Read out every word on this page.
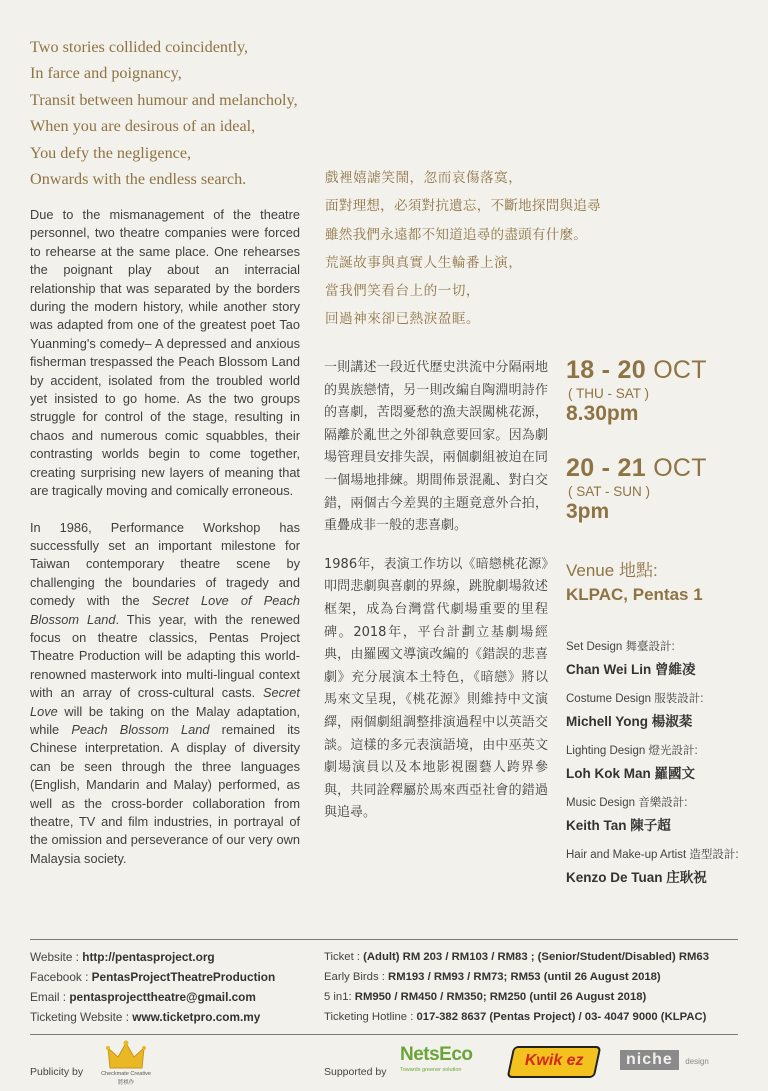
Two stories collided coincidently,
In farce and poignancy,
Transit between humour and melancholy,
When you are desirous of an ideal,
You defy the negligence,
Onwards with the endless search.	戲裡嬉謔笑鬧，忽而哀傷落寞，
面對理想，必須對抗遺忘，不斷地探問與追尋
雖然我們永遠都不知道追尋的盡頭有什麼。
荒誕故事與真實人生輪番上演，
當我們笑看台上的一切，
回過神來卻已熱淚盈眶。

Due to the mismanagement of the theatre personnel, two theatre companies were forced to rehearse at the same place. One rehearses the poignant play about an interracial relationship that was separated by the borders during the modern history, while another story was adapted from one of the greatest poet Tao Yuanming's comedy– A depressed and anxious fisherman trespassed the Peach Blossom Land by accident, isolated from the troubled world yet insisted to go home. As the two groups struggle for control of the stage, resulting in chaos and numerous comic squabbles, their contrasting worlds begin to come together, creating surprising new layers of meaning that are tragically moving and comically erroneous.

In 1986, Performance Workshop has successfully set an important milestone for Taiwan contemporary theatre scene by challenging the boundaries of tragedy and comedy with the Secret Love of Peach Blossom Land. This year, with the renewed focus on theatre classics, Pentas Project Theatre Production will be adapting this world-renowned masterwork into multi-lingual context with an array of cross-cultural casts. Secret Love will be taking on the Malay adaptation, while Peach Blossom Land remained its Chinese interpretation. A display of diversity can be seen through the three languages (English, Mandarin and Malay) performed, as well as the cross-border collaboration from theatre, TV and film industries, in portrayal of the omission and perseverance of our very own Malaysia society.

一則講述一段近代歷史洪流中分隔兩地的異族戀情，另一則改編自陶淵明詩作的喜劇，苦悶憂愁的漁夫誤闖桃花源，隔離於亂世之外卻執意要回家。因為劇場管理員安排失誤，兩個劇組被迫在同一個場地排練。期間佈景混亂、對白交錯，兩個古今差異的主題竟意外合拍，重疊成非一般的悲喜劇。

1986年，表演工作坊以《暗戀桃花源》叩問悲劇與喜劇的界線，跳脫劇場敘述框架，成為台灣當代劇場重要的里程碑。2018年，平台計劃立基劇場經典，由羅國文導演改編的《錯誤的悲喜劇》充分展演本土特色，《暗戀》將以馬來文呈現，《桃花源》則維持中文演繹，兩個劇組調整排演過程中以英語交談。這樣的多元表演語境，由中巫英文劇場演員以及本地影視圈藝人跨界參與，共同詮釋屬於馬來西亞社會的錯過與追尋。

18 - 20 OCT
( THU - SAT )
8.30pm
20 - 21 OCT
( SAT - SUN )
3pm
Venue 地點:
KLPAC, Pentas 1
Set Design 舞臺設計:
Chan Wei Lin 曾維凌
Costume Design 服裝設計:
Michell Yong 楊淑棻
Lighting Design 燈光設計:
Loh Kok Man 羅國文
Music Design 音樂設計:
Keith Tan 陳子超
Hair and Make-up Artist 造型設計:
Kenzo De Tuan 庄耿祝
Website : http://pentasproject.org
Facebook : PentasProjectTheatreProduction
Email : pentasprojecttheatre@gmail.com
Ticketing Website : www.ticketpro.com.my
Ticket : (Adult) RM 203 / RM103 / RM83 ; (Senior/Student/Disabled) RM63
Early Birds : RM193 / RM93 / RM73; RM53 (until 26 August 2018)
5 in1: RM950 / RM450 / RM350; RM250 (until 26 August 2018)
Ticketing Hotline : 017-382 8637 (Pentas Project) / 03- 4047 9000 (KLPAC)
Publicity by	Checkmate Creative
將棋作
Supported by
NetsEco
Towards greener solution
Kwik ez	niche design
